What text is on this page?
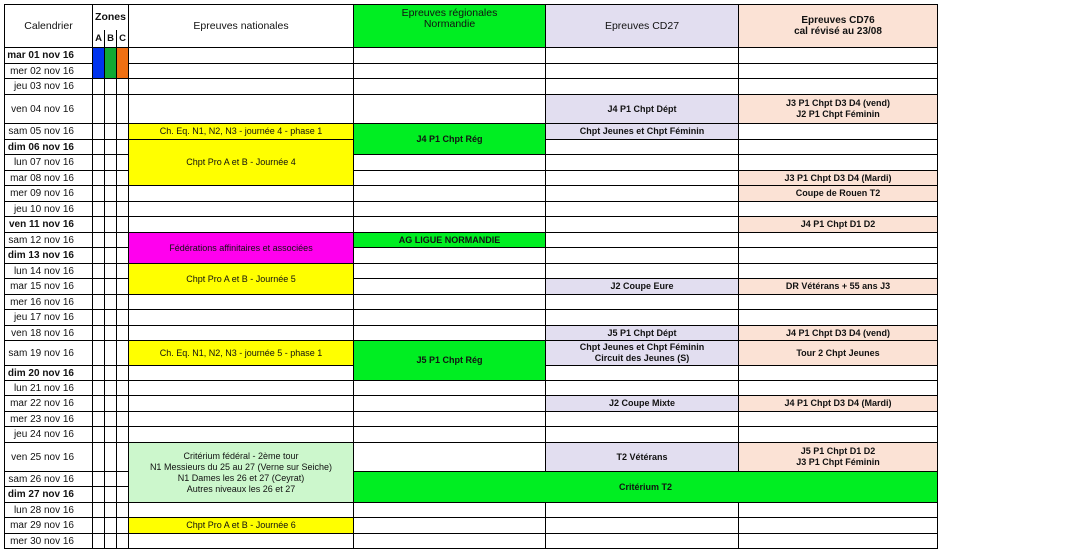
Calendrier	Zones			Epreuves nationales	Epreuves régionales
Normandie	Epreuves CD27	Epreuves CD76
cal révisé au 23/08
	A	B	C				
mar 01 nov 16							
mer 02 nov 16							
jeu 03 nov 16							
ven 04 nov 16						J4 P1 Chpt Dépt	J3 P1 Chpt D3 D4 (vend)
J2 P1 Chpt Féminin
sam 05 nov 16				Ch. Eq. N1, N2, N3 - journée 4 - phase 1	J4 P1 Chpt Rég	Chpt Jeunes et Chpt Féminin	
dim 06 nov 16				Chpt Pro A et B - Journée 4			
lun 07 nov 16							
mar 08 nov 16							J3 P1 Chpt D3 D4 (Mardi)
mer 09 nov 16							Coupe de Rouen T2
jeu 10 nov 16							
ven 11 nov 16							J4 P1 Chpt D1 D2
sam 12 nov 16				Fédérations affinitaires et associées	AG LIGUE NORMANDIE		
dim 13 nov 16							
lun 14 nov 16				Chpt Pro A et B - Journée 5			
mar 15 nov 16						J2 Coupe Eure	DR Vétérans + 55 ans J3
mer 16 nov 16							
jeu 17 nov 16							
ven 18 nov 16						J5 P1 Chpt Dépt	J4 P1 Chpt D3 D4 (vend)
sam 19 nov 16				Ch. Eq. N1, N2, N3 - journée 5 - phase 1	J5 P1 Chpt Rég	Chpt Jeunes et Chpt Féminin
Circuit des Jeunes (S)	Tour 2 Chpt Jeunes
dim 20 nov 16							
lun 21 nov 16							
mar 22 nov 16						J2 Coupe Mixte	J4 P1 Chpt D3 D4 (Mardi)
mer 23 nov 16							
jeu 24 nov 16							
ven 25 nov 16				Critérium fédéral - 2ème tour
N1 Messieurs du 25 au 27 (Verne sur Seiche)
N1 Dames les 26 et 27 (Ceyrat)
Autres niveaux les 26 et 27		T2 Vétérans	J5 P1 Chpt D1 D2
J3 P1 Chpt Féminin
sam 26 nov 16					Critérium T2		
dim 27 nov 16							
lun 28 nov 16							
mar 29 nov 16				Chpt Pro A et B - Journée 6			
mer 30 nov 16							
